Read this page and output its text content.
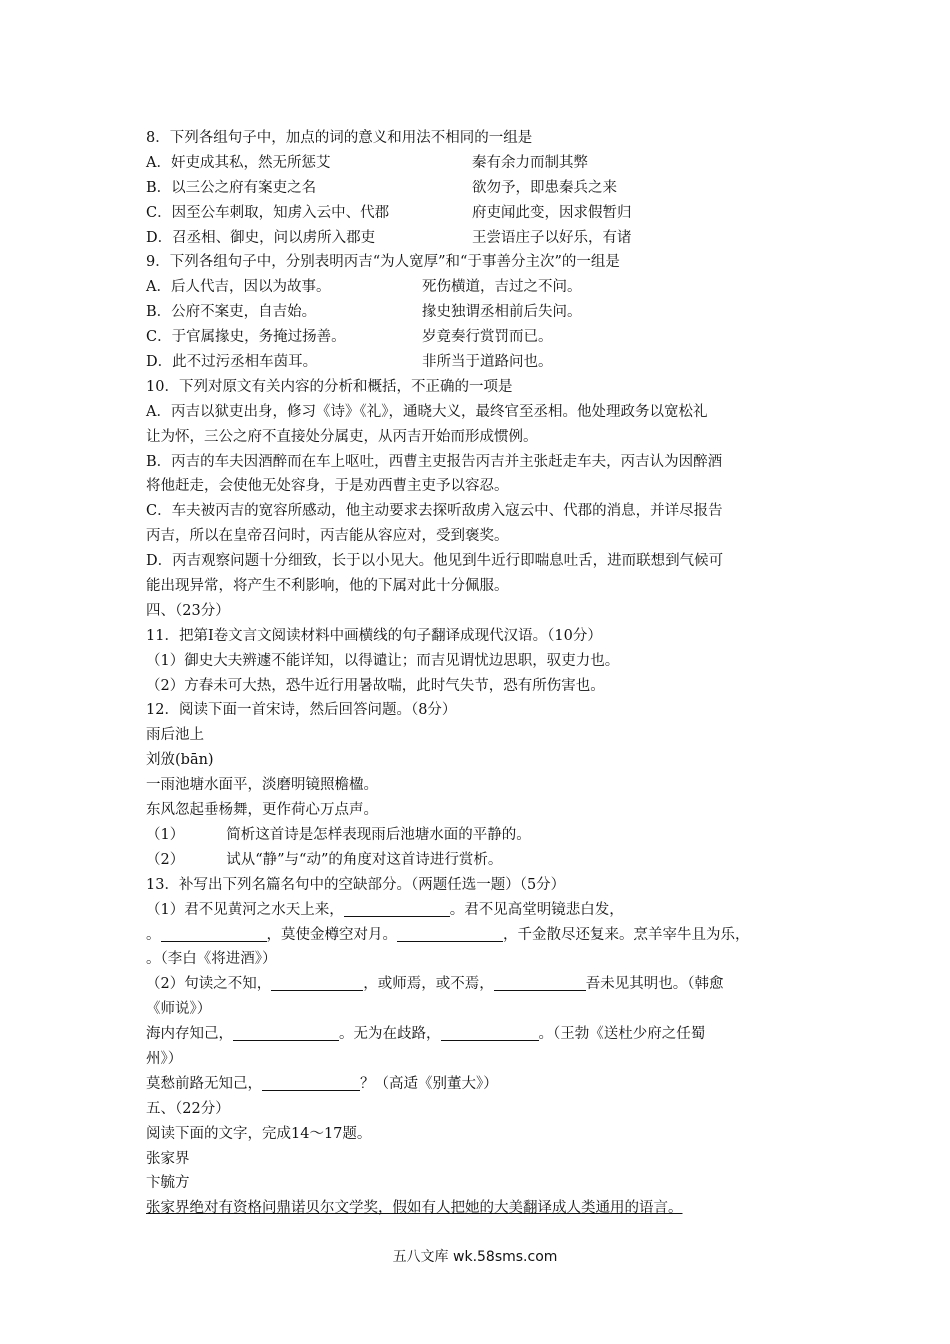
8．下列各组句子中，加点的词的意义和用法不相同的一组是
A．奸吏成其私，然无所惩艾	秦有余力而制其弊
B．以三公之府有案吏之名	欲勿予，即患秦兵之来
C．因至公车刺取，知虏入云中、代郡	府吏闻此变，因求假暂归
D．召丞相、御史，问以虏所入郡吏	王尝语庄子以好乐，有诸
9．下列各组句子中，分别表明丙吉“为人宽厚”和“于事善分主次”的一组是
A．后人代吉，因以为故事。	死伤横道，吉过之不问。
B．公府不案吏，自吉始。	掾史独谓丞相前后失问。
C．于官属掾史，务掩过扬善。	岁竟奏行赏罚而已。
D．此不过污丞相车茵耳。	非所当于道路问也。
10．下列对原文有关内容的分析和概括，不正确的一项是
A．丙吉以狱吏出身，修习《诗》《礼》，通晓大义，最终官至丞相。他处理政务以宽松礼
让为怀，三公之府不直接处分属吏，从丙吉开始而形成惯例。
B．丙吉的车夫因酒醉而在车上呕吐，西曹主吏报告丙吉并主张赶走车夫，丙吉认为因醉酒
将他赶走，会使他无处容身，于是劝西曹主吏予以容忍。
C．车夫被丙吉的宽容所感动，他主动要求去探听敌虏入寇云中、代郡的消息，并详尽报告
丙吉，所以在皇帝召问时，丙吉能从容应对，受到褒奖。
D．丙吉观察问题十分细致，长于以小见大。他见到牛近行即喘息吐舌，进而联想到气候可
能出现异常，将产生不利影响，他的下属对此十分佩服。
四、（23分）
11．把第Ⅰ卷文言文阅读材料中画横线的句子翻译成现代汉语。（10分）
（1）御史大夫辨遽不能详知，以得谴让；而吉见谓忧边思职，驭吏力也。
（2）方春未可大热，恐牛近行用暑故喘，此时气失节，恐有所伤害也。
12．阅读下面一首宋诗，然后回答问题。（8分）
雨后池上
刘攽(bān)
一雨池塘水面平，淡磨明镜照檐楹。
东风忽起垂杨舞，更作荷心万点声。
（1）	简析这首诗是怎样表现雨后池塘水面的平静的。
（2）	试从“静”与“动”的角度对这首诗进行赏析。
13．补写出下列名篇名句中的空缺部分。（两题任选一题）（5分）
（1）君不见黄河之水天上来，	。君不见高堂明镜悲白发，
。	，莫使金樽空对月。	，千金散尽还复来。烹羊宰牛且为乐，
。（李白《将进酒》）
（2）句读之不知，	，或师焉，或不焉，	吾未见其明也。（韩愈
《师说》）
海内存知己，	。无为在歧路，	。（王勃《送杜少府之任蜀
州》）
莫愁前路无知己，	？（高适《别董大》）
五、（22分）
阅读下面的文字，完成14～17题。
张家界
卞毓方
张家界绝对有资格问鼎诺贝尔文学奖，假如有人把她的大美翻译成人类通用的语言。
五八文库 wk.58sms.com
